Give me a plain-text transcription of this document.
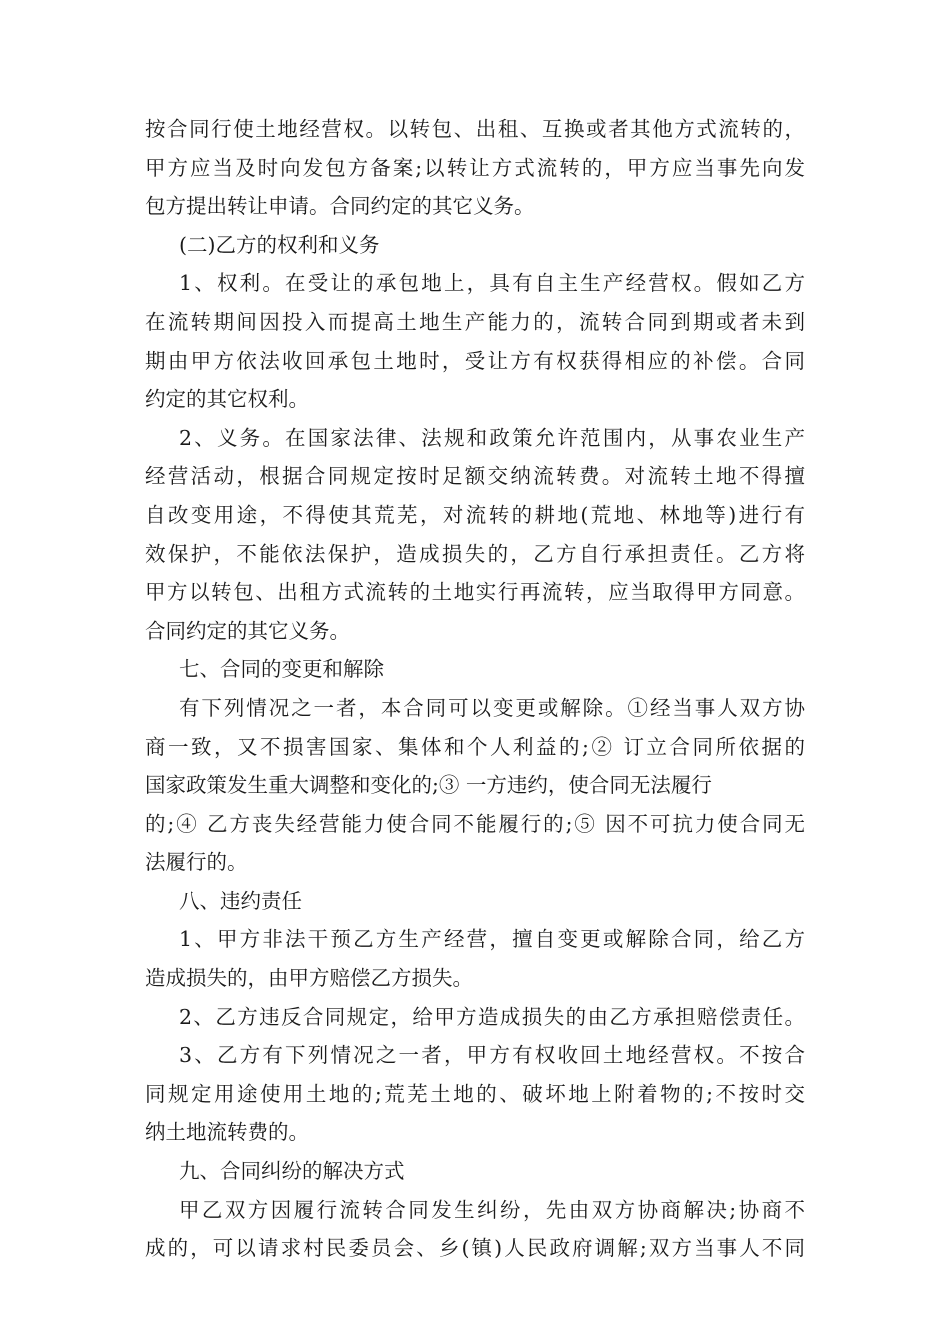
按合同行使土地经营权。以转包、出租、互换或者其他方式流转的，
甲方应当及时向发包方备案;以转让方式流转的，甲方应当事先向发
包方提出转让申请。合同约定的其它义务。
(二)乙方的权利和义务
1、权利。在受让的承包地上，具有自主生产经营权。假如乙方
在流转期间因投入而提高土地生产能力的，流转合同到期或者未到
期由甲方依法收回承包土地时，受让方有权获得相应的补偿。合同
约定的其它权利。
2、义务。在国家法律、法规和政策允许范围内，从事农业生产
经营活动，根据合同规定按时足额交纳流转费。对流转土地不得擅
自改变用途，不得使其荒芜，对流转的耕地(荒地、林地等)进行有
效保护，不能依法保护，造成损失的，乙方自行承担责任。乙方将
甲方以转包、出租方式流转的土地实行再流转，应当取得甲方同意。
合同约定的其它义务。
七、合同的变更和解除
有下列情况之一者，本合同可以变更或解除。①经当事人双方协
商一致，又不损害国家、集体和个人利益的;② 订立合同所依据的
国家政策发生重大调整和变化的;③ 一方违约，使合同无法履行
的;④ 乙方丧失经营能力使合同不能履行的;⑤ 因不可抗力使合同无
法履行的。
八、违约责任
1、甲方非法干预乙方生产经营，擅自变更或解除合同，给乙方
造成损失的，由甲方赔偿乙方损失。
2、乙方违反合同规定，给甲方造成损失的由乙方承担赔偿责任。
3、乙方有下列情况之一者，甲方有权收回土地经营权。不按合
同规定用途使用土地的;荒芜土地的、破坏地上附着物的;不按时交
纳土地流转费的。
九、合同纠纷的解决方式
甲乙双方因履行流转合同发生纠纷，先由双方协商解决;协商不
成的，可以请求村民委员会、乡(镇)人民政府调解;双方当事人不同
